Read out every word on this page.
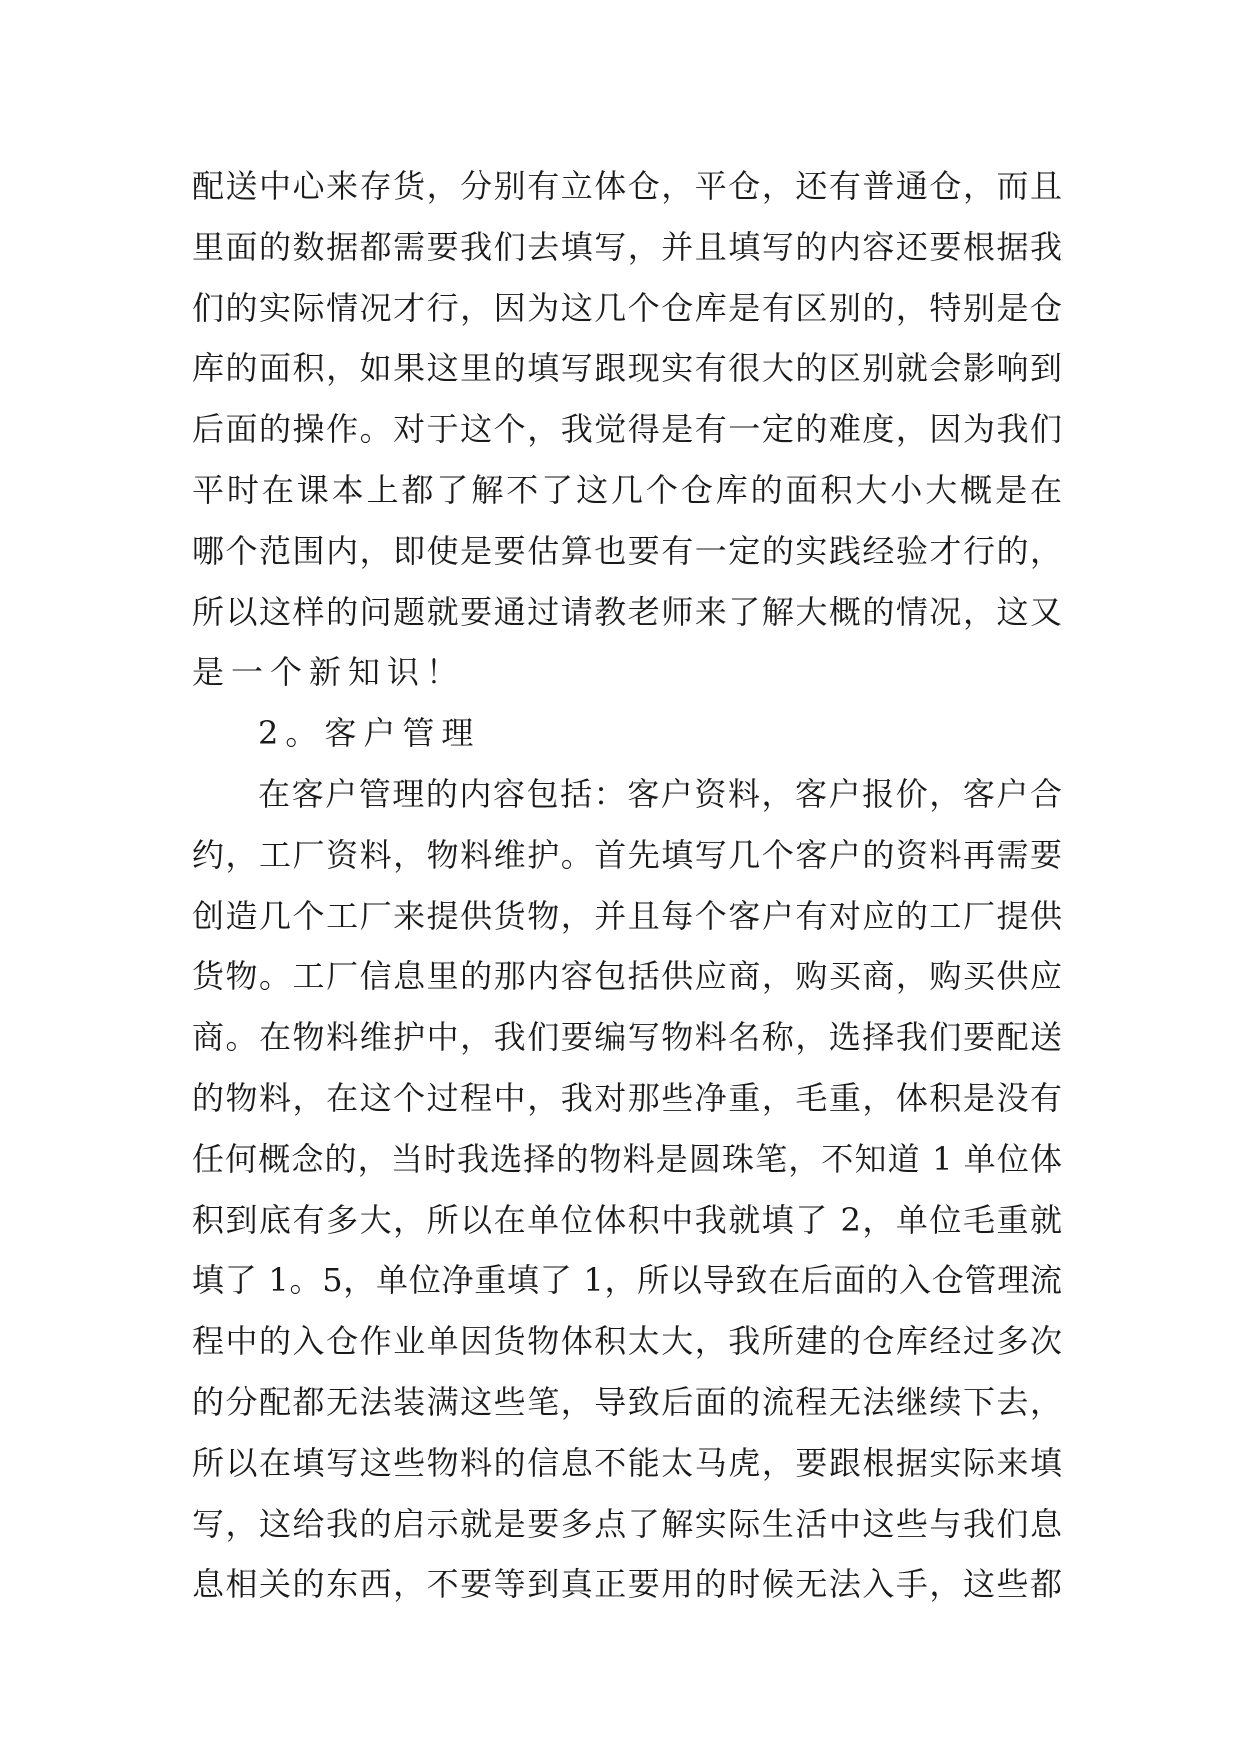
配送中心来存货，分别有立体仓，平仓，还有普通仓，而且
里面的数据都需要我们去填写，并且填写的内容还要根据我
们的实际情况才行，因为这几个仓库是有区别的，特别是仓
库的面积，如果这里的填写跟现实有很大的区别就会影响到
后面的操作。对于这个，我觉得是有一定的难度，因为我们
平时在课本上都了解不了这几个仓库的面积大小大概是在
哪个范围内，即使是要估算也要有一定的实践经验才行的，
所以这样的问题就要通过请教老师来了解大概的情况，这又
是一个新知识！
2。客户管理
在客户管理的内容包括：客户资料，客户报价，客户合
约，工厂资料，物料维护。首先填写几个客户的资料再需要
创造几个工厂来提供货物，并且每个客户有对应的工厂提供
货物。工厂信息里的那内容包括供应商，购买商，购买供应
商。在物料维护中，我们要编写物料名称，选择我们要配送
的物料，在这个过程中，我对那些净重，毛重，体积是没有
任何概念的，当时我选择的物料是圆珠笔，不知道 1 单位体
积到底有多大，所以在单位体积中我就填了 2，单位毛重就
填了 1。5，单位净重填了 1，所以导致在后面的入仓管理流
程中的入仓作业单因货物体积太大，我所建的仓库经过多次
的分配都无法装满这些笔，导致后面的流程无法继续下去，
所以在填写这些物料的信息不能太马虎，要跟根据实际来填
写，这给我的启示就是要多点了解实际生活中这些与我们息
息相关的东西，不要等到真正要用的时候无法入手，这些都
